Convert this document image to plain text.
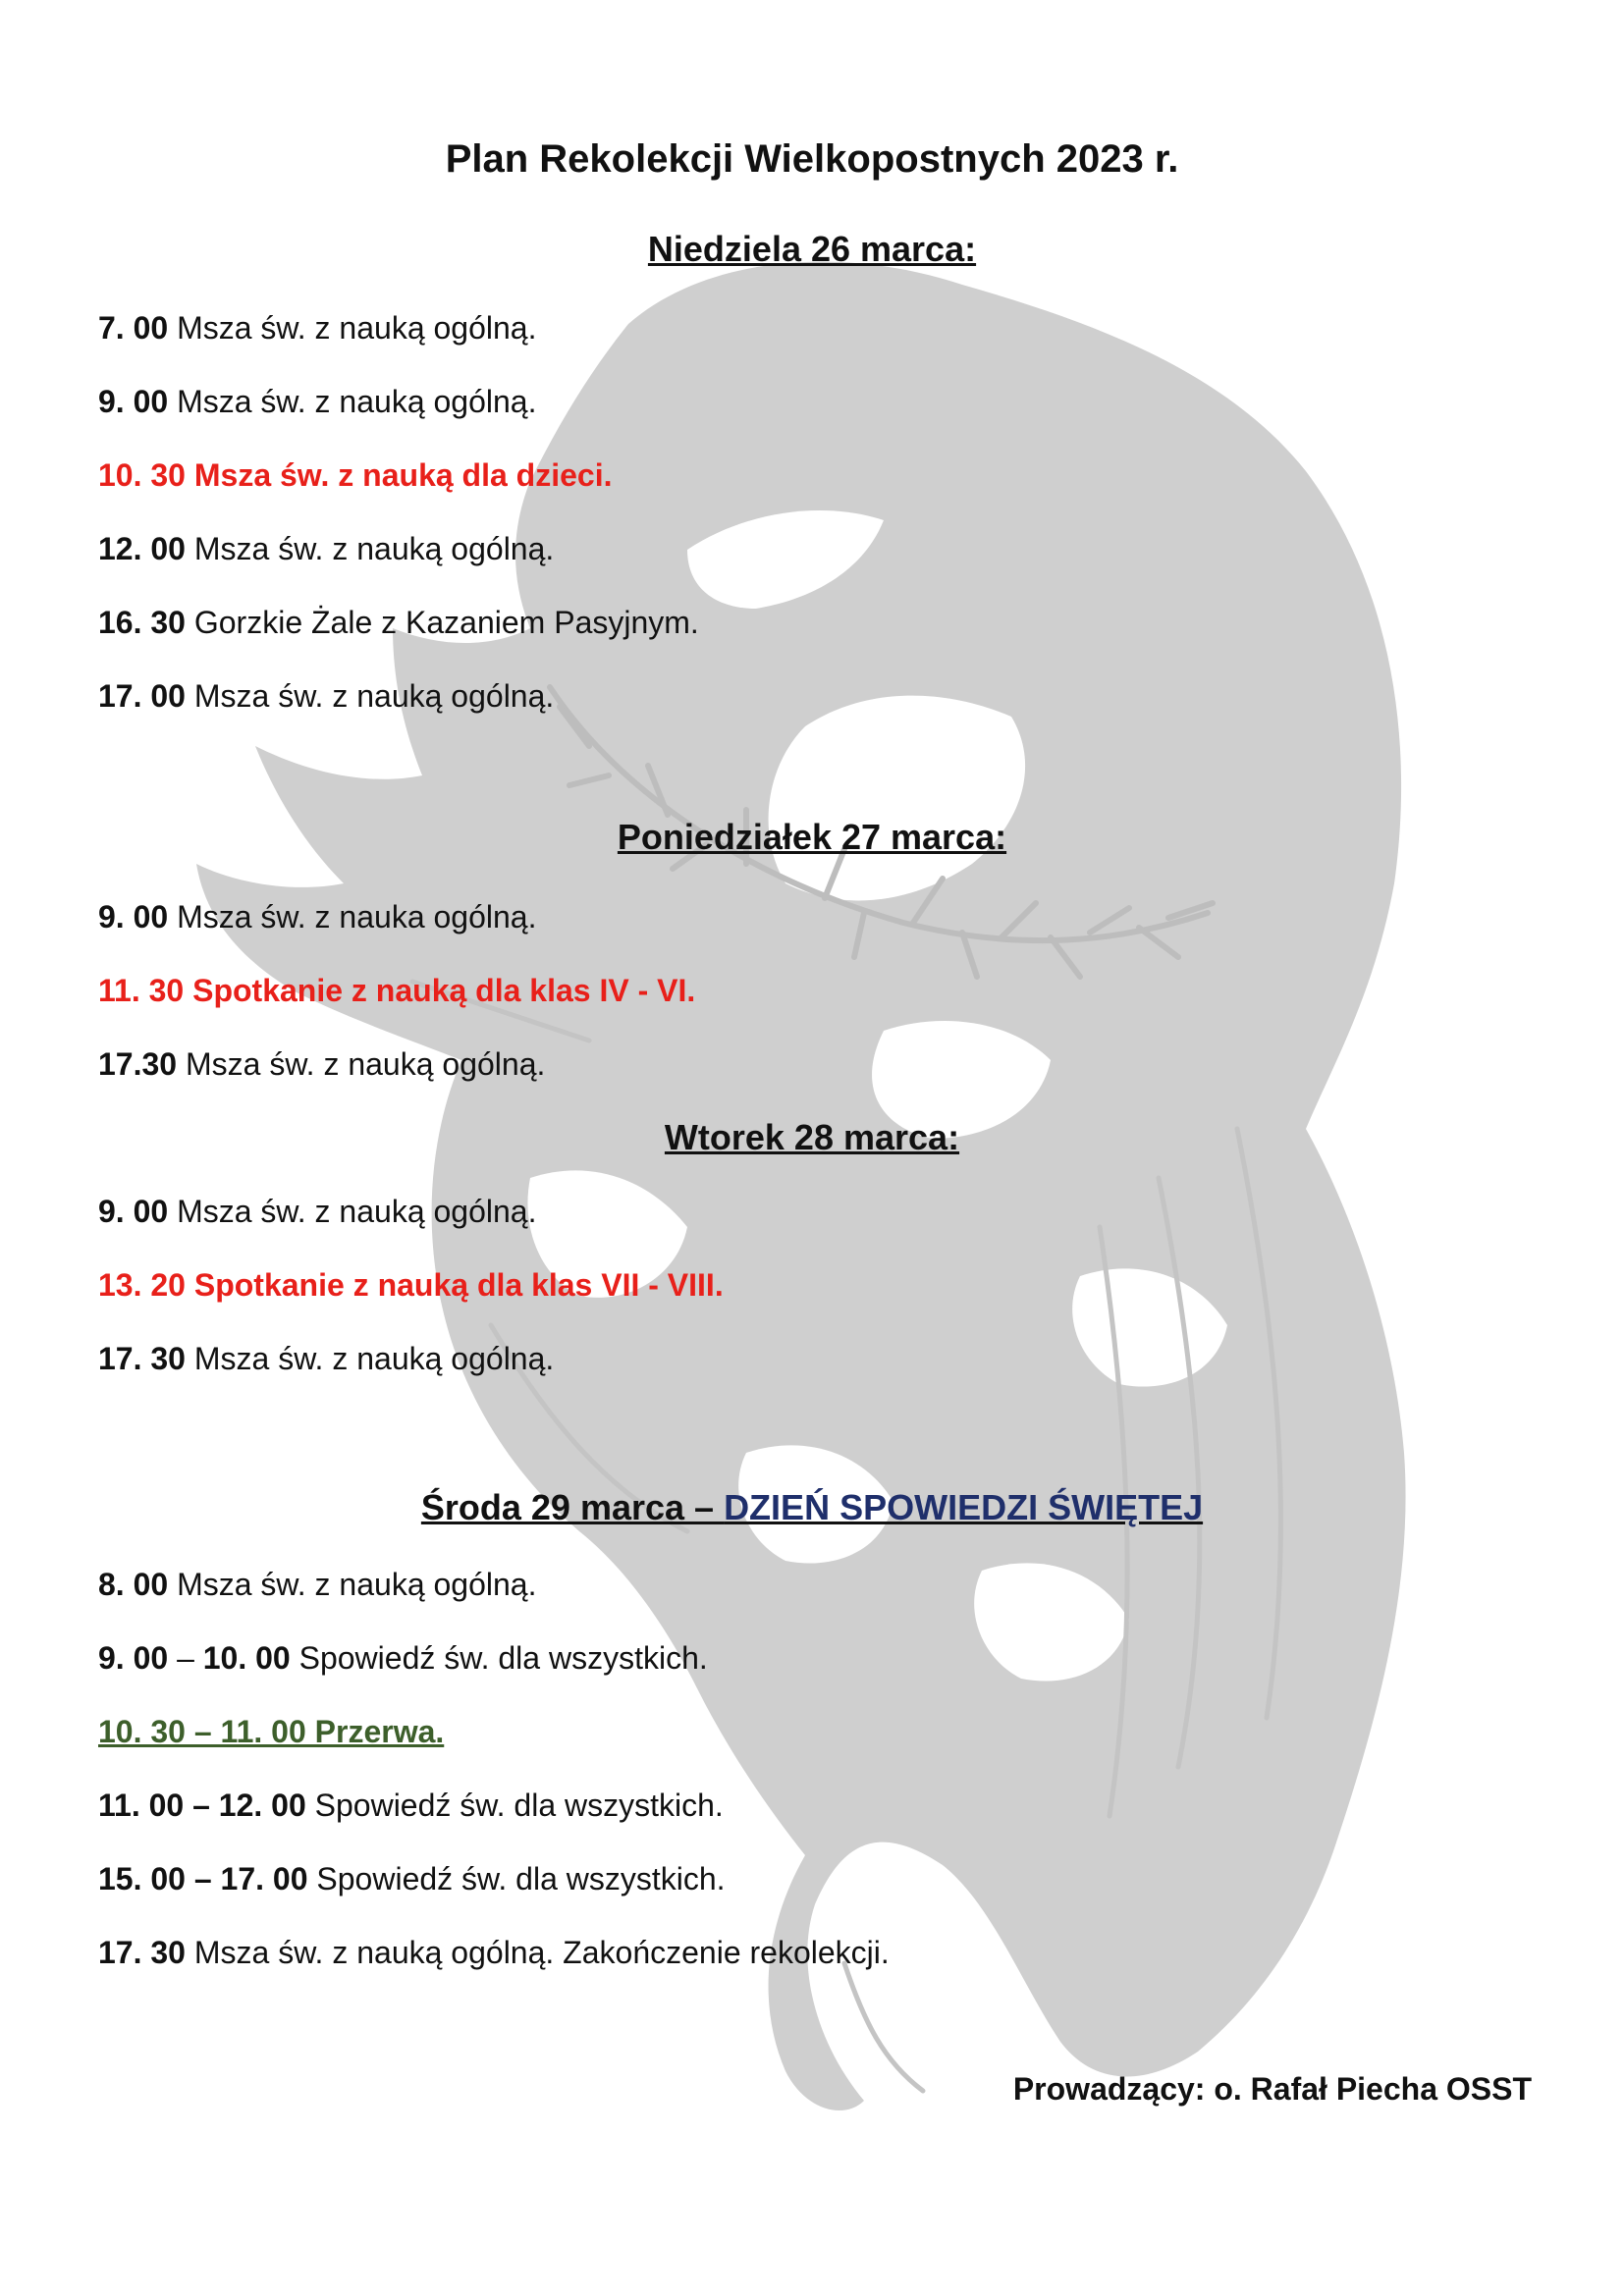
Plan Rekolekcji Wielkopostnych 2023 r.
Niedziela 26 marca:
7. 00 Msza św. z nauką ogólną.
9. 00 Msza św. z nauką ogólną.
10. 30 Msza św. z nauką dla dzieci.
12. 00 Msza św. z nauką ogólną.
16. 30 Gorzkie Żale z Kazaniem Pasyjnym.
17. 00 Msza św. z nauką ogólną.
Poniedziałek 27 marca:
9. 00 Msza św. z nauka ogólną.
11. 30 Spotkanie z nauką dla klas IV - VI.
17.30 Msza św. z nauką ogólną.
Wtorek 28 marca:
9. 00 Msza św. z nauką ogólną.
13. 20 Spotkanie z nauką dla klas VII - VIII.
17. 30 Msza św. z nauką ogólną.
Środa 29 marca – DZIEŃ SPOWIEDZI ŚWIĘTEJ
8. 00 Msza św. z nauką ogólną.
9. 00 – 10. 00 Spowiedź św. dla wszystkich.
10. 30 – 11. 00 Przerwa.
11. 00 – 12. 00 Spowiedź św. dla wszystkich.
15. 00 – 17. 00 Spowiedź św. dla wszystkich.
17. 30 Msza św. z nauką ogólną. Zakończenie rekolekcji.
Prowadzący: o. Rafał Piecha OSST
